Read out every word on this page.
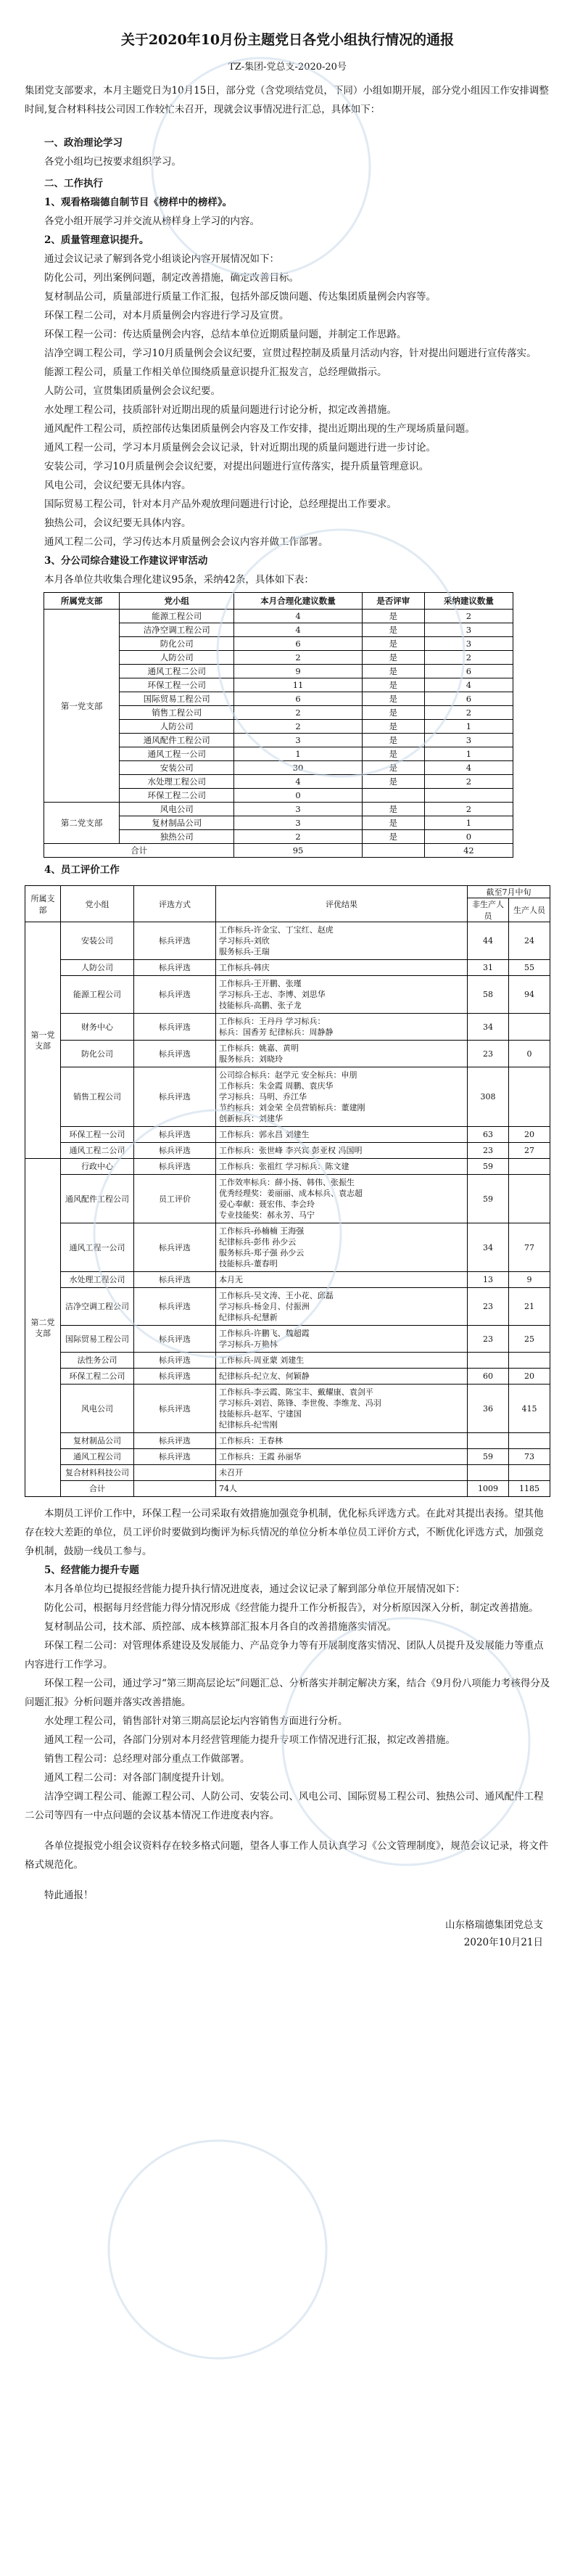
关于2020年10月份主题党日各党小组执行情况的通报
TZ-集团-党总支-2020-20号

集团党支部要求，本月主题党日为10月15日，部分党（含党项结党员，下同）小组如期开展，部分党小组因工作安排调整时间,复合材料科技公司因工作较忙未召开，现就会议事情况进行汇总，具体如下：

一、政治理论学习

各党小组均已按要求组织学习。

二、工作执行

1、观看格瑞德自制节目《榜样中的榜样》。

各党小组开展学习并交流从榜样身上学习的内容。

2、质量管理意识提升。

通过会议记录了解到各党小组谈论内容开展情况如下：

防化公司，列出案例问题，制定改善措施，确定改善目标。

复材制品公司，质量部进行质量工作汇报，包括外部反馈问题、传达集团质量例会内容等。

环保工程二公司，对本月质量例会内容进行学习及宣贯。

环保工程一公司：传达质量例会内容，总结本单位近期质量问题，并制定工作思路。

洁净空调工程公司，学习10月质量例会会议纪要，宣贯过程控制及质量月活动内容，针对提出问题进行宣传落实。

能源工程公司，质量工作相关单位围绕质量意识提升汇报发言，总经理做指示。

人防公司，宣贯集团质量例会会议纪要。

水处理工程公司，技质部针对近期出现的质量问题进行讨论分析，拟定改善措施。

通风配件工程公司，质控部传达集团质量例会内容及工作安排，提出近期出现的生产现场质量问题。

通风工程一公司，学习本月质量例会会议记录，针对近期出现的质量问题进行进一步讨论。

安装公司，学习10月质量例会会议纪要，对提出问题进行宣传落实，提升质量管理意识。

风电公司，会议纪要无具体内容。

国际贸易工程公司，针对本月产品外观放理问题进行讨论，总经理提出工作要求。

独热公司，会议纪要无具体内容。

通风工程二公司，学习传达本月质量例会会议内容并做工作部署。

3、分公司综合建设工作建议评审活动

本月各单位共收集合理化建议95条，采纳42条，具体如下表：

所属党支部	党小组	本月合理化建议数量	是否评审	采纳建议数量
第一党支部	能源工程公司	4	是	2
	洁净空调工程公司	4	是	3
	防化公司	6	是	3
	人防公司	2	是	2
	通风工程二公司	9	是	6
	环保工程一公司	11	是	4
	国际贸易工程公司	6	是	6
	销售工程公司	2	是	2
	人防公司	2	是	1
	通风配件工程公司	3	是	3
	通风工程一公司	1	是	1
	安装公司	30	是	4
	水处理工程公司	4	是	2
	环保工程二公司	0		
第二党支部	风电公司	3	是	2
	复材制品公司	3	是	1
	独热公司	2	是	0
合计		95		42

4、员工评价工作

所属支部	党小组	评选方式	评优结果	截至7月中旬	
				非生产人员	生产人员
第一党支部	安装公司	标兵评选	工作标兵-许金宝、丁宝红、赵虎
学习标兵-刘欣
服务标兵-王瑞	44	24
	人防公司	标兵评选	工作标兵-韩庆	31	55
	能源工程公司	标兵评选	工作标兵-王开鹏、张瑾
学习标兵-王志、李博、刘思华
技能标兵-高鹏、张子龙	58	94
	财务中心	标兵评选	工作标兵：王丹丹 学习标兵：
标兵：国香芳 纪律标兵：周静静	34	
	防化公司	标兵评选	工作标兵：姚嘉、黄明
服务标兵：刘晓玲	23	0
	销售工程公司	标兵评选	公司综合标兵：赵学元 安全标兵：申朋
工作标兵：朱金霞 周鹏、袁庆华
学习标兵：马明、乔江华
节约标兵：刘金荣 全员营销标兵：董建刚
创新标兵：刘建华	308	
	环保工程一公司	标兵评选	工作标兵：郭永昌 刘建生	63	20
	通风工程二公司	标兵评选	工作标兵：张世峰 李兴宾 彭亚权 冯国明	23	27
第二党支部	行政中心	标兵评选	工作标兵：张祖红 学习标兵：陈文建	59	
	通风配件工程公司	员工评价	工作效率标兵：薛小扬、韩伟、张振生
优秀经理奖：姜丽丽、成本标兵、袁志超
爱心奉献：聂宏伟、李会玲
专业技能奖：郝永芳、马宁	59	
	通风工程一公司	标兵评选	工作标兵-孙楠楠 王海强
纪律标兵-彭伟 孙少云
服务标兵-郑子强 孙少云
技能标兵-董春明	34	77
	水处理工程公司	标兵评选	本月无	13	9
	洁净空调工程公司	标兵评选	工作标兵-吴文涛、王小花、邱磊
学习标兵-杨金月、付振洲
纪律标兵-纪慧新	23	21
	国际贸易工程公司	标兵评选	工作标兵-许鹏飞、魏超霞
学习标兵-万艳林	23	25
	法性务公司	标兵评选	工作标兵-周亚蒙 刘建生		
	环保工程二公司	标兵评选	纪律标兵-纪立友、何颖静	60	20
	风电公司	标兵评选	工作标兵-李云霞、陈宝丰、戴耀康、袁剑平
学习标兵-刘岩、陈锋、李世俊、李维龙、冯羽
技能标兵-赵军、宁建国
纪律标兵-纪雪刚	36	415
	复材制品公司	标兵评选	工作标兵：王春林		
	通风工程公司	标兵评选	工作标兵：王霞 孙丽华	59	73
	复合材料科技公司		未召开		
	合计		74人	1009	1185

本期员工评价工作中，环保工程一公司采取有效措施加强竞争机制，优化标兵评选方式。在此对其提出表扬。望其他存在较大差距的单位，员工评价时要做到均衡评为标兵情况的单位分析本单位员工评价方式，不断优化评选方式，加强竞争机制，鼓励一线员工参与。

5、经营能力提升专题

本月各单位均已提报经营能力提升执行情况进度表，通过会议记录了解到部分单位开展情况如下：

防化公司，根据每月经营能力得分情况形成《经营能力提升工作分析报告》，对分析原因深入分析，制定改善措施。

复材制品公司，技术部、质控部、成本核算部汇报本月各自的改善措施落实情况。

环保工程二公司：对管理体系建设及发展能力、产品竞争力等有开展制度落实情况、团队人员提升及发展能力等重点内容进行工作学习。

环保工程一公司，通过学习“第三期高层论坛”问题汇总、分析落实并制定解决方案，结合《9月份八项能力考核得分及问题汇报》分析问题并落实改善措施。

水处理工程公司，销售部针对第三期高层论坛内容销售方面进行分析。

通风工程一公司，各部门分别对本月经营管理能力提升专项工作情况进行汇报，拟定改善措施。

销售工程公司：总经理对部分重点工作做部署。

通风工程二公司：对各部门制度提升计划。

洁净空调工程公司、能源工程公司、人防公司、安装公司、风电公司、国际贸易工程公司、独热公司、通风配件工程二公司等四有一中点问题的会议基本情况工作进度表内容。

各单位提报党小组会议资料存在较多格式问题，望各人事工作人员认真学习《公文管理制度》，规范会议记录，将文件格式规范化。

特此通报！

山东格瑞德集团党总支
2020年10月21日
